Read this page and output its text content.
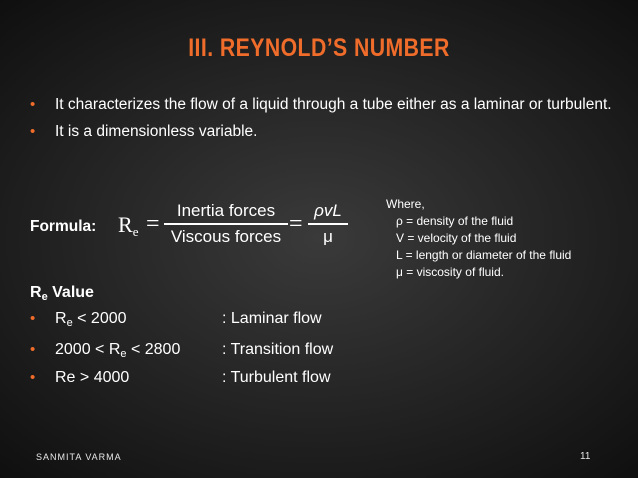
III. REYNOLD’S NUMBER
• It characterizes the flow of a liquid through a tube either as a laminar or turbulent.
• It is a dimensionless variable.
Formula: $R_e$ =
Inertia forces
Viscous forces =
ρvL
μ
Where,
ρ = density of the fluid
V = velocity of the fluid
L = length or diameter of the fluid
μ = viscosity of fluid.
$R_e$ Value
• $R_e < 2000$	: Laminar flow
• $2000 < R_e < 2800$	: Transition flow
• Re > 4000	: Turbulent flow
SANMITA VARMA	11
